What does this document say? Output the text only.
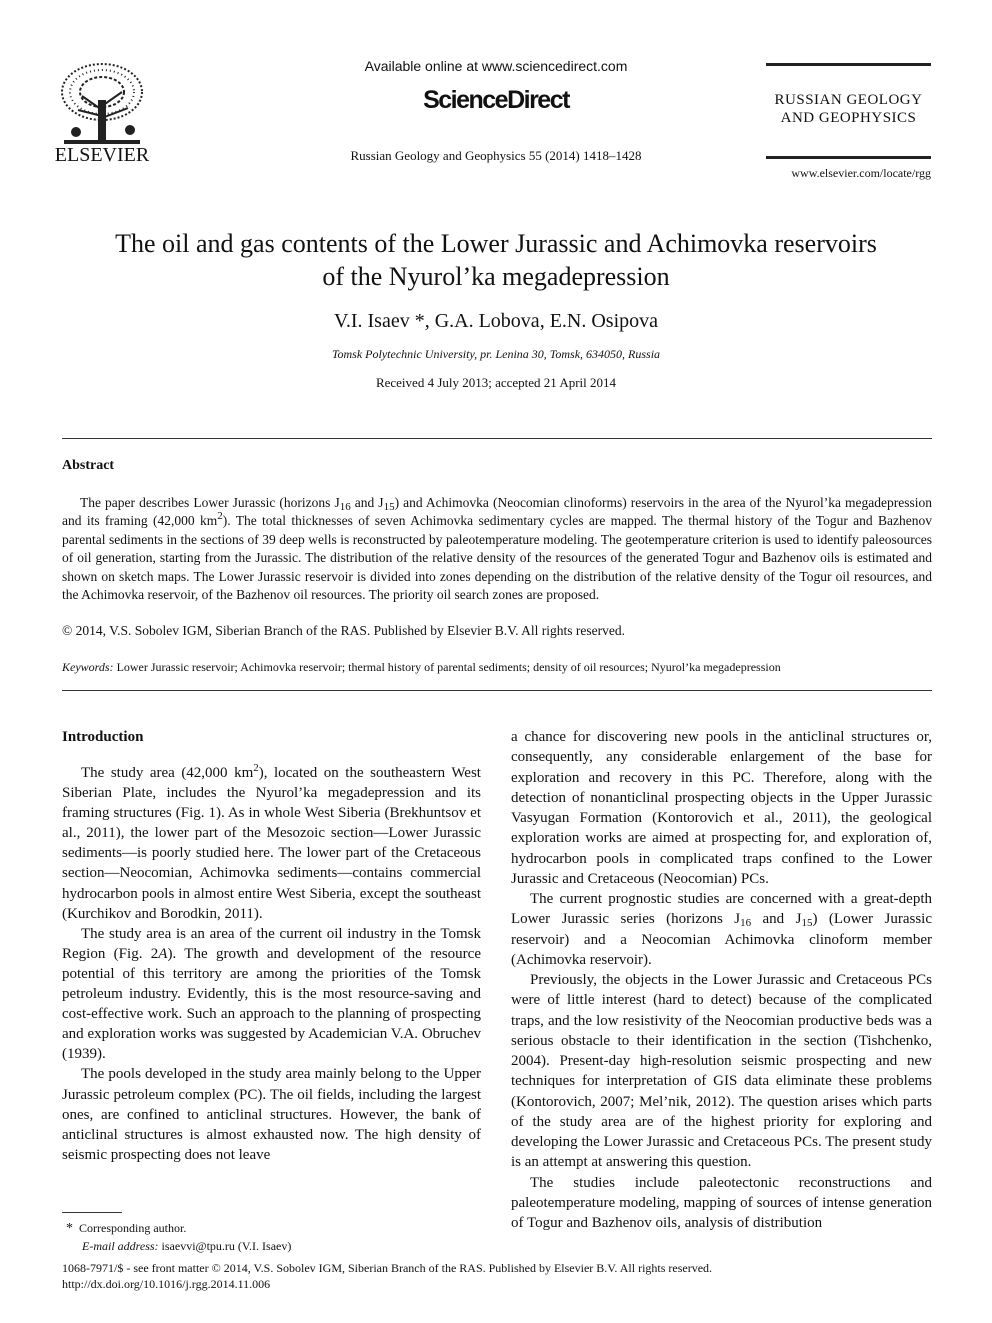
ELSEVIER
Available online at www.sciencedirect.com
ScienceDirect
Russian Geology and Geophysics 55 (2014) 1418–1428
RUSSIAN GEOLOGY
AND GEOPHYSICS
www.elsevier.com/locate/rgg
The oil and gas contents of the Lower Jurassic and Achimovka reservoirs
of the Nyurol’ka megadepression
V.I. Isaev *, G.A. Lobova, E.N. Osipova
Tomsk Polytechnic University, pr. Lenina 30, Tomsk, 634050, Russia
Received 4 July 2013; accepted 21 April 2014
Abstract
The paper describes Lower Jurassic (horizons $J_{16}$ and $J_{15}$) and Achimovka (Neocomian clinoforms) reservoirs in the area of the Nyurol’ka megadepression and its framing (42,000 $km^2$). The total thicknesses of seven Achimovka sedimentary cycles are mapped. The thermal history of the Togur and Bazhenov parental sediments in the sections of 39 deep wells is reconstructed by paleotemperature modeling. The geotemperature criterion is used to identify paleosources of oil generation, starting from the Jurassic. The distribution of the relative density of the resources of the generated Togur and Bazhenov oils is estimated and shown on sketch maps. The Lower Jurassic reservoir is divided into zones depending on the distribution of the relative density of the Togur oil resources, and the Achimovka reservoir, of the Bazhenov oil resources. The priority oil search zones are proposed.
© 2014, V.S. Sobolev IGM, Siberian Branch of the RAS. Published by Elsevier B.V. All rights reserved.
Keywords: Lower Jurassic reservoir; Achimovka reservoir; thermal history of parental sediments; density of oil resources; Nyurol’ka megadepression
Introduction

The study area (42,000 $km^2$), located on the southeastern West Siberian Plate, includes the Nyurol’ka megadepression and its framing structures (Fig. 1). As in whole West Siberia (Brekhuntsov et al., 2011), the lower part of the Mesozoic section—Lower Jurassic sediments—is poorly studied here. The lower part of the Cretaceous section—Neocomian, Achimovka sediments—contains commercial hydrocarbon pools in almost entire West Siberia, except the southeast (Kurchikov and Borodkin, 2011).

The study area is an area of the current oil industry in the Tomsk Region (Fig. 2A). The growth and development of the resource potential of this territory are among the priorities of the Tomsk petroleum industry. Evidently, this is the most resource-saving and cost-effective work. Such an approach to the planning of prospecting and exploration works was suggested by Academician V.A. Obruchev (1939).

The pools developed in the study area mainly belong to the Upper Jurassic petroleum complex (PC). The oil fields, including the largest ones, are confined to anticlinal structures. However, the bank of anticlinal structures is almost exhausted now. The high density of seismic prospecting does not leave

a chance for discovering new pools in the anticlinal structures or, consequently, any considerable enlargement of the base for exploration and recovery in this PC. Therefore, along with the detection of nonanticlinal prospecting objects in the Upper Jurassic Vasyugan Formation (Kontorovich et al., 2011), the geological exploration works are aimed at prospecting for, and exploration of, hydrocarbon pools in complicated traps confined to the Lower Jurassic and Cretaceous (Neocomian) PCs.

The current prognostic studies are concerned with a great-depth Lower Jurassic series (horizons $J_{16}$ and $J_{15}$) (Lower Jurassic reservoir) and a Neocomian Achimovka clinoform member (Achimovka reservoir).

Previously, the objects in the Lower Jurassic and Cretaceous PCs were of little interest (hard to detect) because of the complicated traps, and the low resistivity of the Neocomian productive beds was a serious obstacle to their identification in the section (Tishchenko, 2004). Present-day high-resolution seismic prospecting and new techniques for interpretation of GIS data eliminate these problems (Kontorovich, 2007; Mel’nik, 2012). The question arises which parts of the study area are of the highest priority for exploring and developing the Lower Jurassic and Cretaceous PCs. The present study is an attempt at answering this question.

The studies include paleotectonic reconstructions and paleotemperature modeling, mapping of sources of intense generation of Togur and Bazhenov oils, analysis of distribution

* Corresponding author.
E-mail address: isaevvi@tpu.ru (V.I. Isaev)
1068-7971/$ - see front matter © 2014, V.S. Sobolev IGM, Siberian Branch of the RAS. Published by Elsevier B.V. All rights reserved.
http://dx.doi.org/10.1016/j.rgg.2014.11.006
